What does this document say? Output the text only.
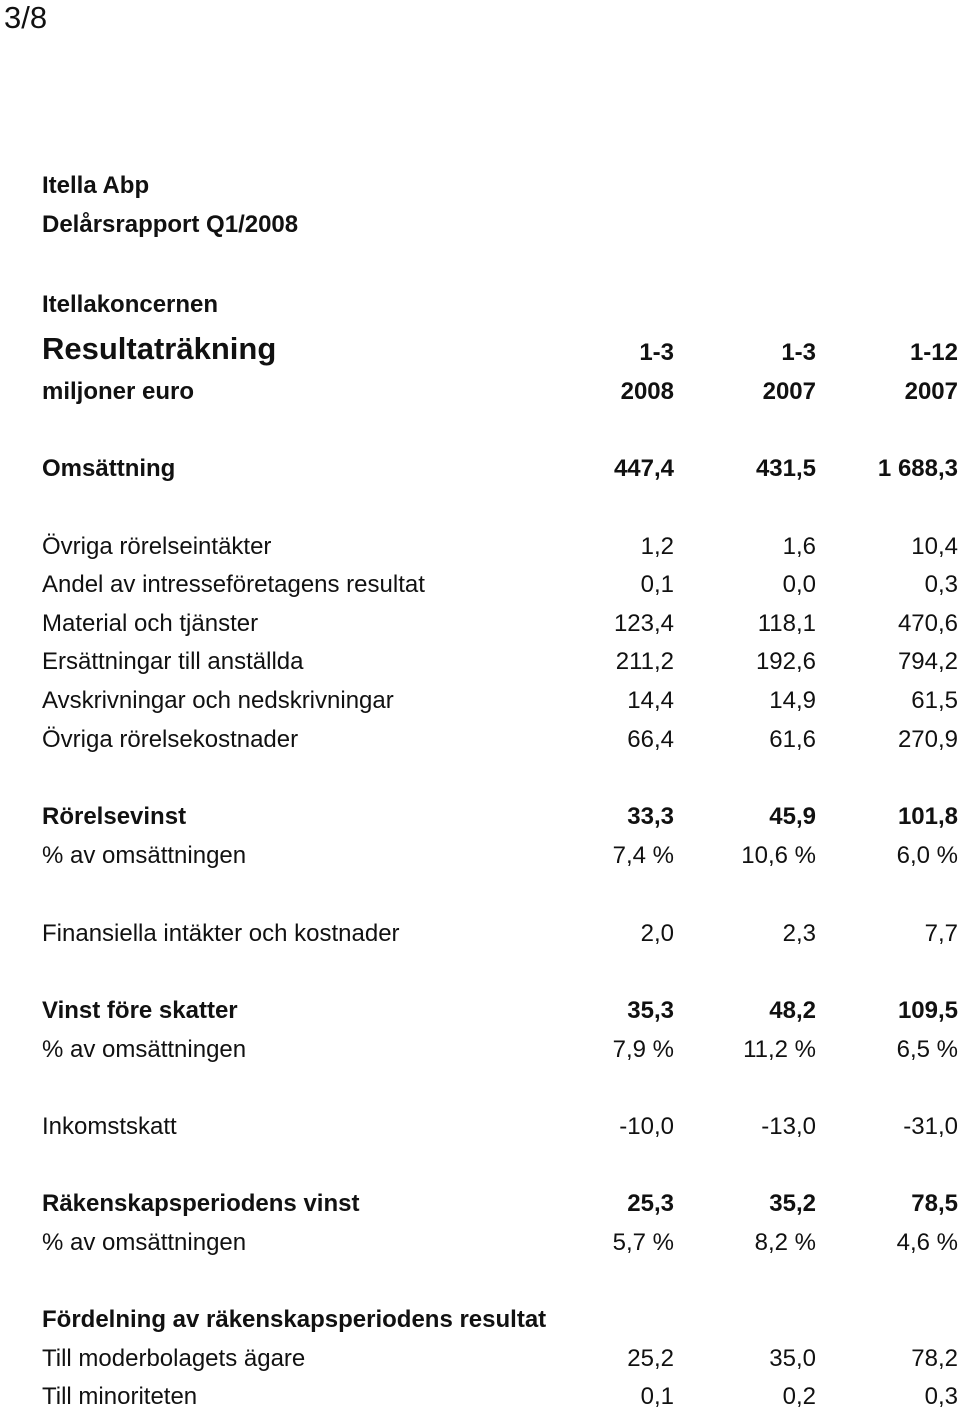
3/8
Itella Abp
Delårsrapport Q1/2008
Itellakoncernen
Resultaträkning	1-3	1-3	1-12
miljoner euro	2008	2007	2007
Omsättning	447,4	431,5	1 688,3
Övriga rörelseintäkter	1,2	1,6	10,4
Andel av intresseföretagens resultat	0,1	0,0	0,3
Material och tjänster	123,4	118,1	470,6
Ersättningar till anställda	211,2	192,6	794,2
Avskrivningar och nedskrivningar	14,4	14,9	61,5
Övriga rörelsekostnader	66,4	61,6	270,9
Rörelsevinst	33,3	45,9	101,8
% av omsättningen	7,4 %	10,6 %	6,0 %
Finansiella intäkter och kostnader	2,0	2,3	7,7
Vinst före skatter	35,3	48,2	109,5
% av omsättningen	7,9 %	11,2 %	6,5 %
Inkomstskatt	-10,0	-13,0	-31,0
Räkenskapsperiodens vinst	25,3	35,2	78,5
% av omsättningen	5,7 %	8,2 %	4,6 %
Fördelning av räkenskapsperiodens resultat
Till moderbolagets ägare	25,2	35,0	78,2
Till minoriteten	0,1	0,2	0,3
